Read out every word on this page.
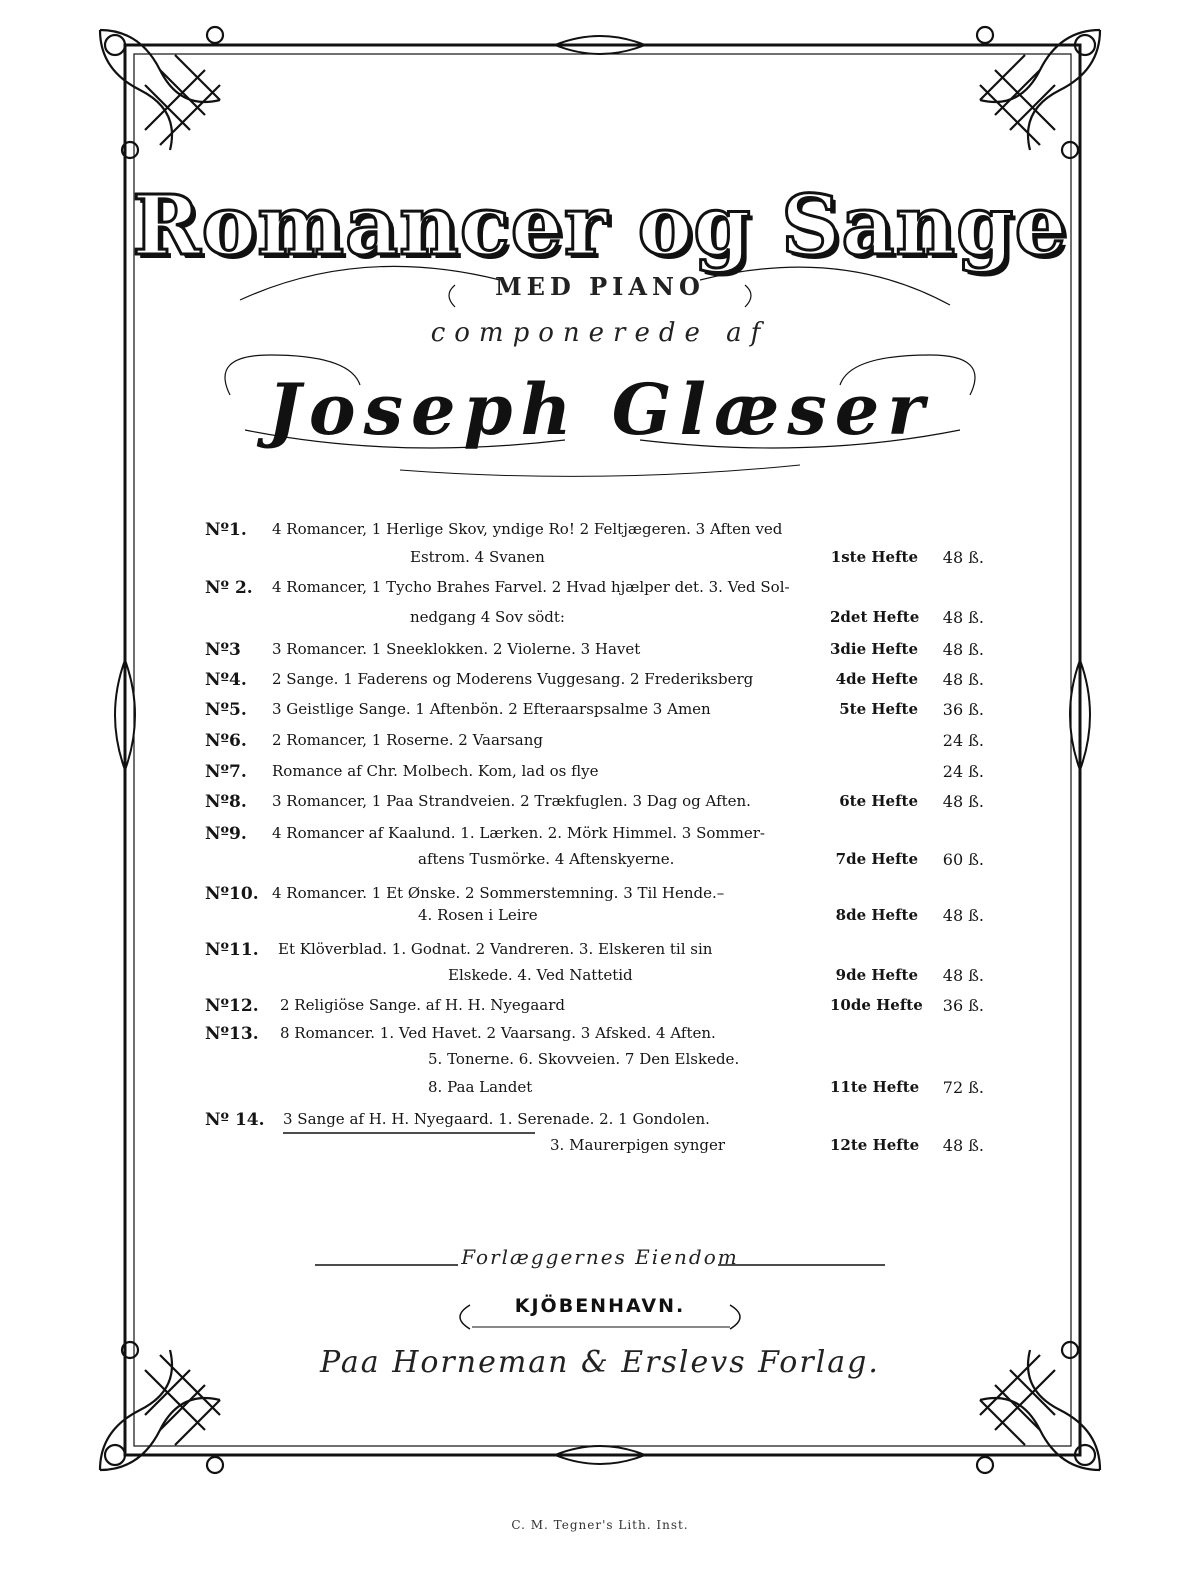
Romancer og Sange
MED PIANO
componerede af
Joseph Glæser
Nº1. 4 Romancer, 1 Herlige Skov, yndige Ro! 2 Feltjægeren. 3 Aften ved
Estrom. 4 Svanen	1ste Hefte	48 ß.
Nº 2. 4 Romancer, 1 Tycho Brahes Farvel. 2 Hvad hjælper det. 3. Ved Sol-
nedgang 4 Sov södt:	2det Hefte	48 ß.
Nº3 3 Romancer. 1 Sneeklokken. 2 Violerne. 3 Havet	3die Hefte	48 ß.
Nº4. 2 Sange. 1 Faderens og Moderens Vuggesang. 2 Frederiksberg	4de Hefte	48 ß.
Nº5. 3 Geistlige Sange. 1 Aftenbön. 2 Efteraarspsalme 3 Amen	5te Hefte	36 ß.
Nº6. 2 Romancer, 1 Roserne. 2 Vaarsang	24 ß.
Nº7. Romance af Chr. Molbech. Kom, lad os flye	24 ß.
Nº8. 3 Romancer, 1 Paa Strandveien. 2 Trækfuglen. 3 Dag og Aften.	6te Hefte	48 ß.
Nº9. 4 Romancer af Kaalund. 1. Lærken. 2. Mörk Himmel. 3 Sommer-
aftens Tusmörke. 4 Aftenskyerne.	7de Hefte	60 ß.
Nº10. 4 Romancer. 1 Et Ønske. 2 Sommerstemning. 3 Til Hende.–
4. Rosen i Leire	8de Hefte	48 ß.
Nº11. Et Klöverblad. 1. Godnat. 2 Vandreren. 3. Elskeren til sin
Elskede. 4. Ved Nattetid	9de Hefte	48 ß.
Nº12. 2 Religiöse Sange. af H. H. Nyegaard	10de Hefte	36 ß.
Nº13. 8 Romancer. 1. Ved Havet. 2 Vaarsang. 3 Afsked. 4 Aften.
5. Tonerne. 6. Skovveien. 7 Den Elskede.
8. Paa Landet	11te Hefte	72 ß.
Nº 14. 3 Sange af H. H. Nyegaard. 1. Serenade. 2. 1 Gondolen.
3. Maurerpigen synger	12te Hefte	48 ß.
Forlæggernes Eiendom
KJÖBENHAVN.
Paa Horneman & Erslevs Forlag.
C. M. Tegner's Lith. Inst.
